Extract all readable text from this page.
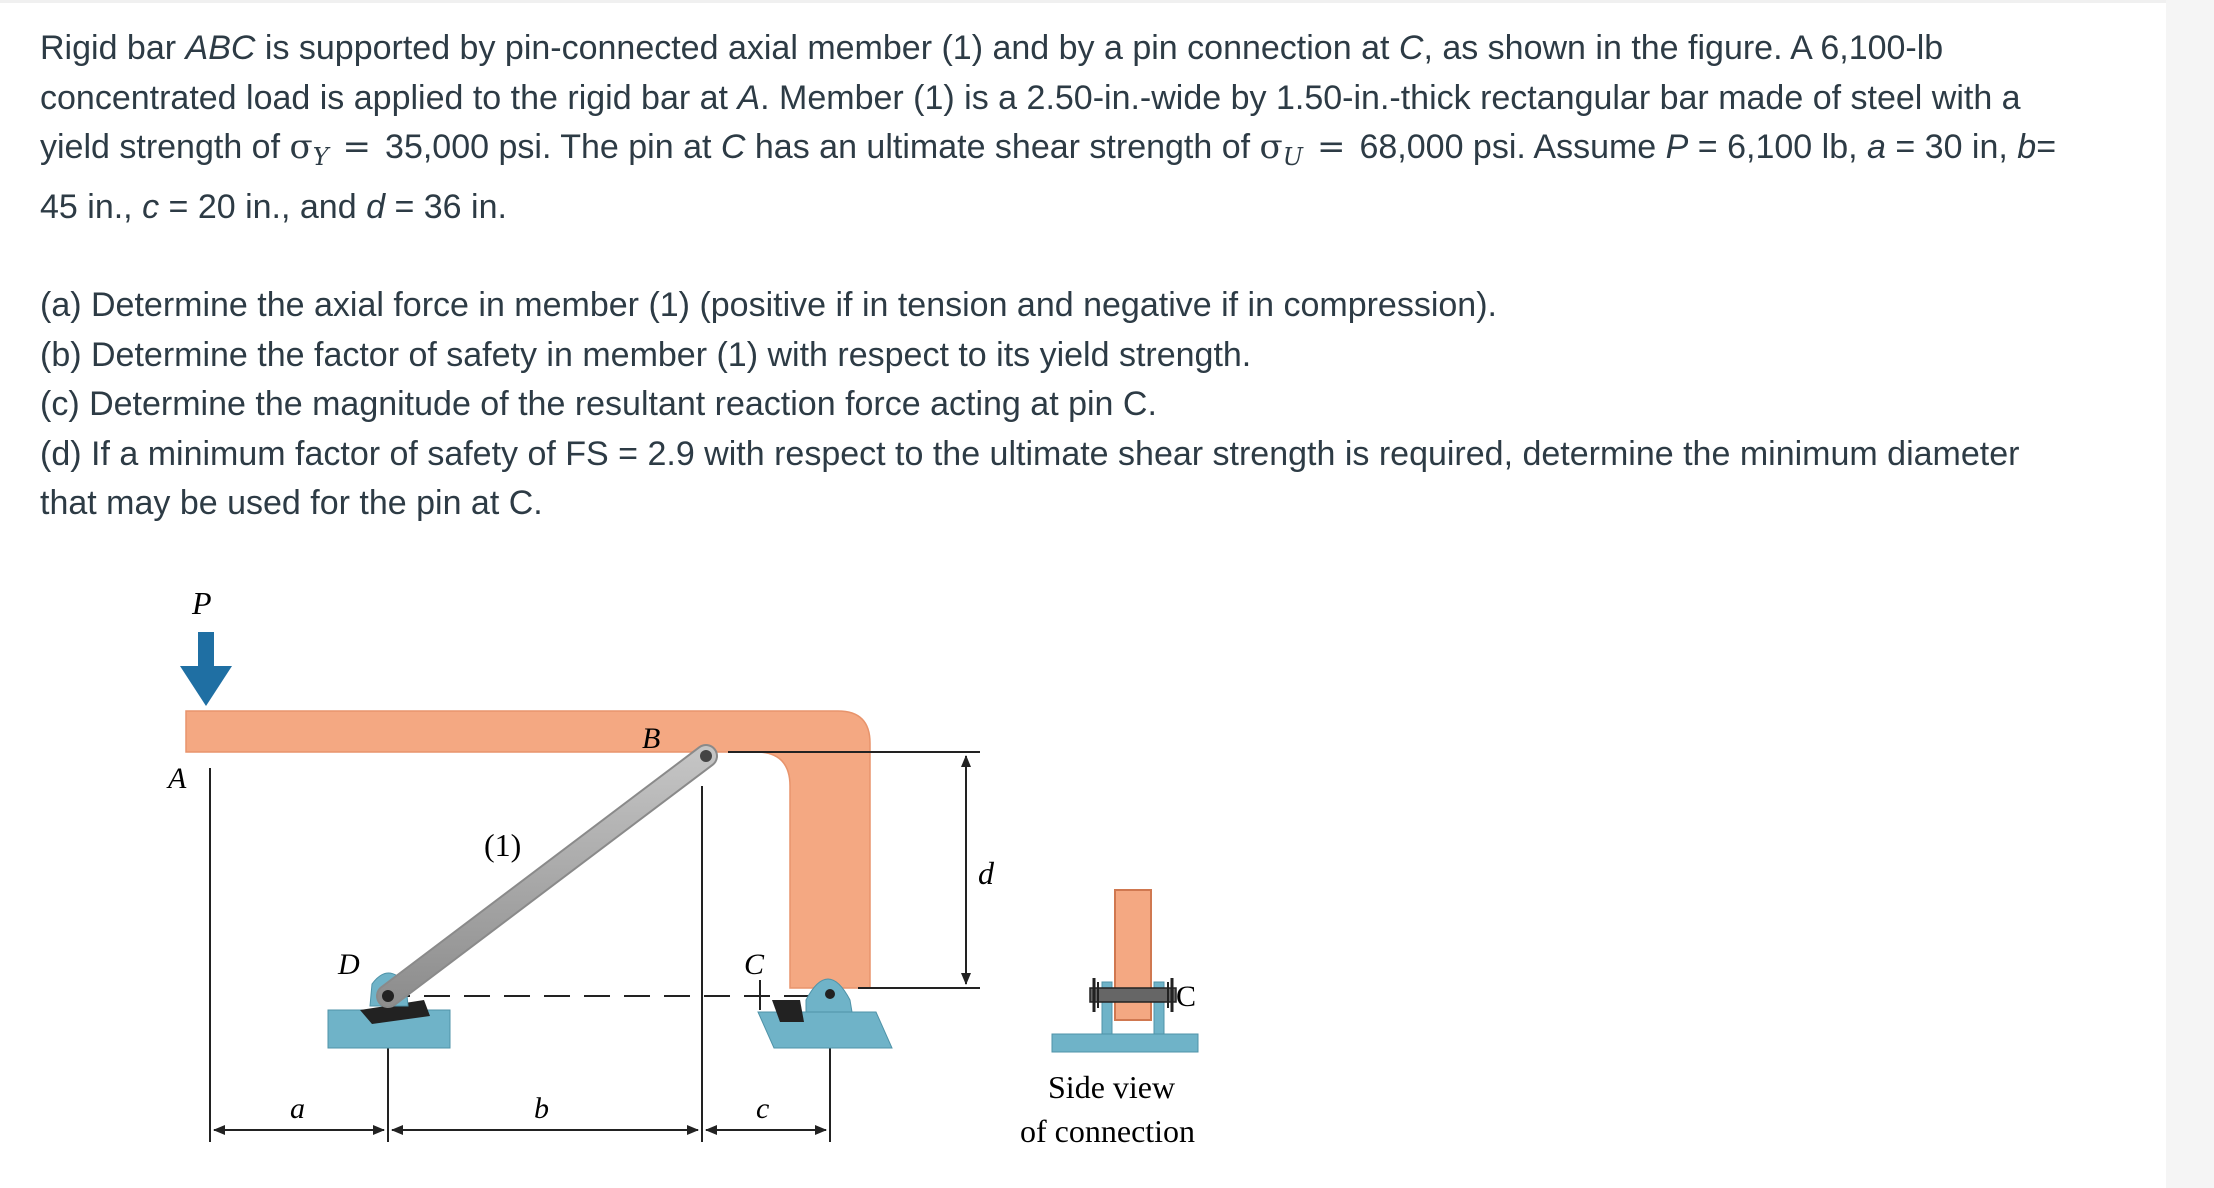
Rigid bar ABC is supported by pin-connected axial member (1) and by a pin connection at C, as shown in the figure. A 6,100-lb

concentrated load is applied to the rigid bar at A. Member (1) is a 2.50-in.-wide by 1.50-in.-thick rectangular bar made of steel with a

yield strength of $\sigma_Y = 35,000$ psi. The pin at C has an ultimate shear strength of $\sigma_U = 68,000$ psi. Assume P = 6,100 lb, a = 30 in, b=

45 in., c = 20 in., and d = 36 in.

(a) Determine the axial force in member (1) (positive if in tension and negative if in compression).

(b) Determine the factor of safety in member (1) with respect to its yield strength.

(c) Determine the magnitude of the resultant reaction force acting at pin C.

(d) If a minimum factor of safety of FS = 2.9 with respect to the ultimate shear strength is required, determine the minimum diameter

that may be used for the pin at C.

P
A
B
d
(1)
D	C
a	b	c
C
Side view
of connection
